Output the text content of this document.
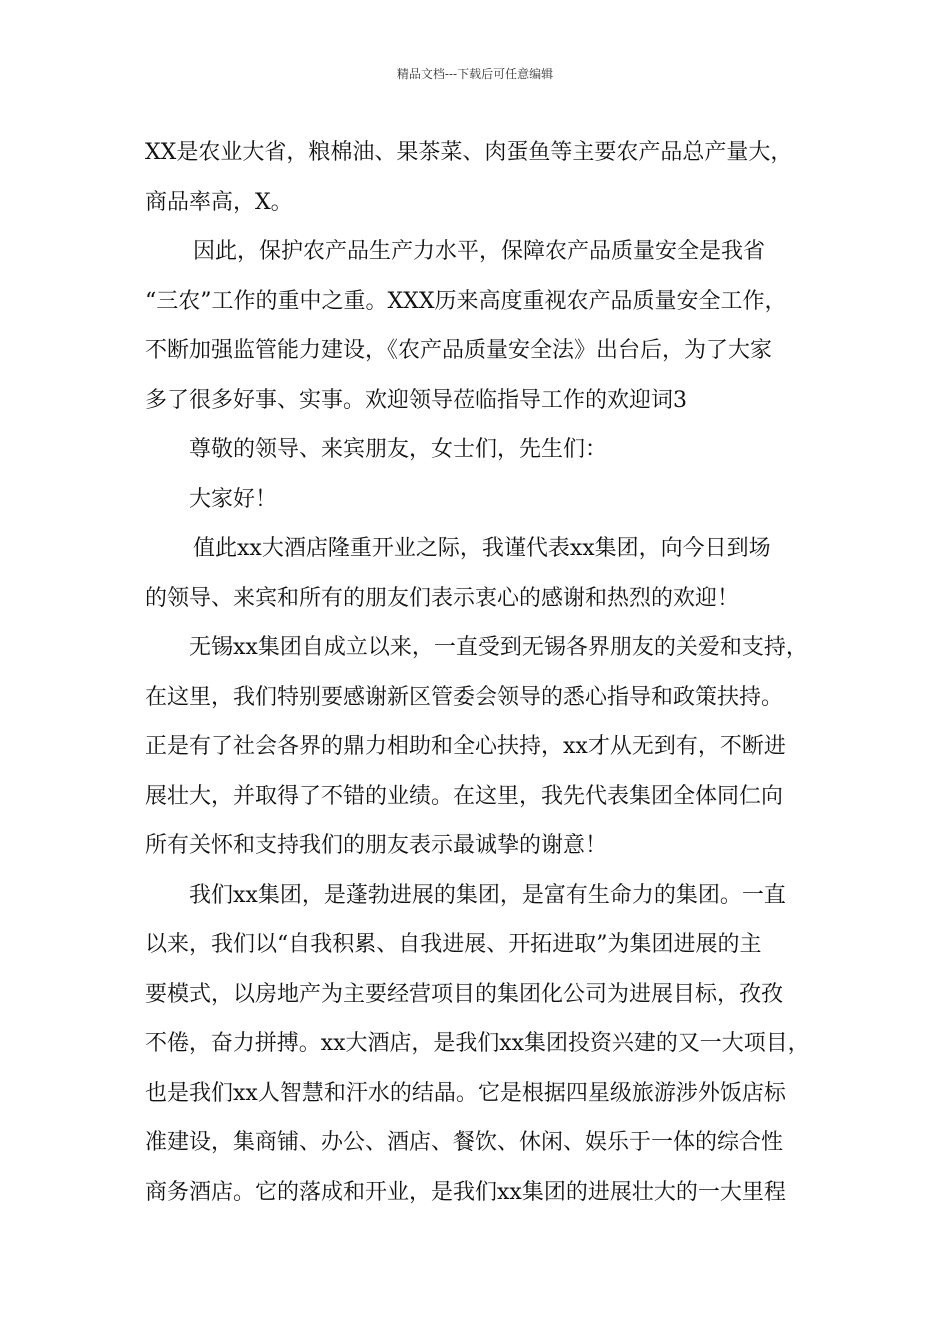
精品文档---下载后可任意编辑
XX是农业大省，粮棉油、果茶菜、肉蛋鱼等主要农产品总产量大，
商品率高，X。
因此，保护农产品生产力水平，保障农产品质量安全是我省
“三农”工作的重中之重。XXX历来高度重视农产品质量安全工作，
不断加强监管能力建设，《农产品质量安全法》出台后，为了大家
多了很多好事、实事。欢迎领导莅临指导工作的欢迎词3
尊敬的领导、来宾朋友，女士们，先生们：
大家好！
值此xx大酒店隆重开业之际，我谨代表xx集团，向今日到场
的领导、来宾和所有的朋友们表示衷心的感谢和热烈的欢迎！
无锡xx集团自成立以来，一直受到无锡各界朋友的关爱和支持，
在这里，我们特别要感谢新区管委会领导的悉心指导和政策扶持。
正是有了社会各界的鼎力相助和全心扶持，xx才从无到有，不断进
展壮大，并取得了不错的业绩。在这里，我先代表集团全体同仁向
所有关怀和支持我们的朋友表示最诚挚的谢意！
我们xx集团，是蓬勃进展的集团，是富有生命力的集团。一直
以来，我们以“自我积累、自我进展、开拓进取”为集团进展的主
要模式，以房地产为主要经营项目的集团化公司为进展目标，孜孜
不倦，奋力拼搏。xx大酒店，是我们xx集团投资兴建的又一大项目，
也是我们xx人智慧和汗水的结晶。它是根据四星级旅游涉外饭店标
准建设，集商铺、办公、酒店、餐饮、休闲、娱乐于一体的综合性
商务酒店。它的落成和开业，是我们xx集团的进展壮大的一大里程
